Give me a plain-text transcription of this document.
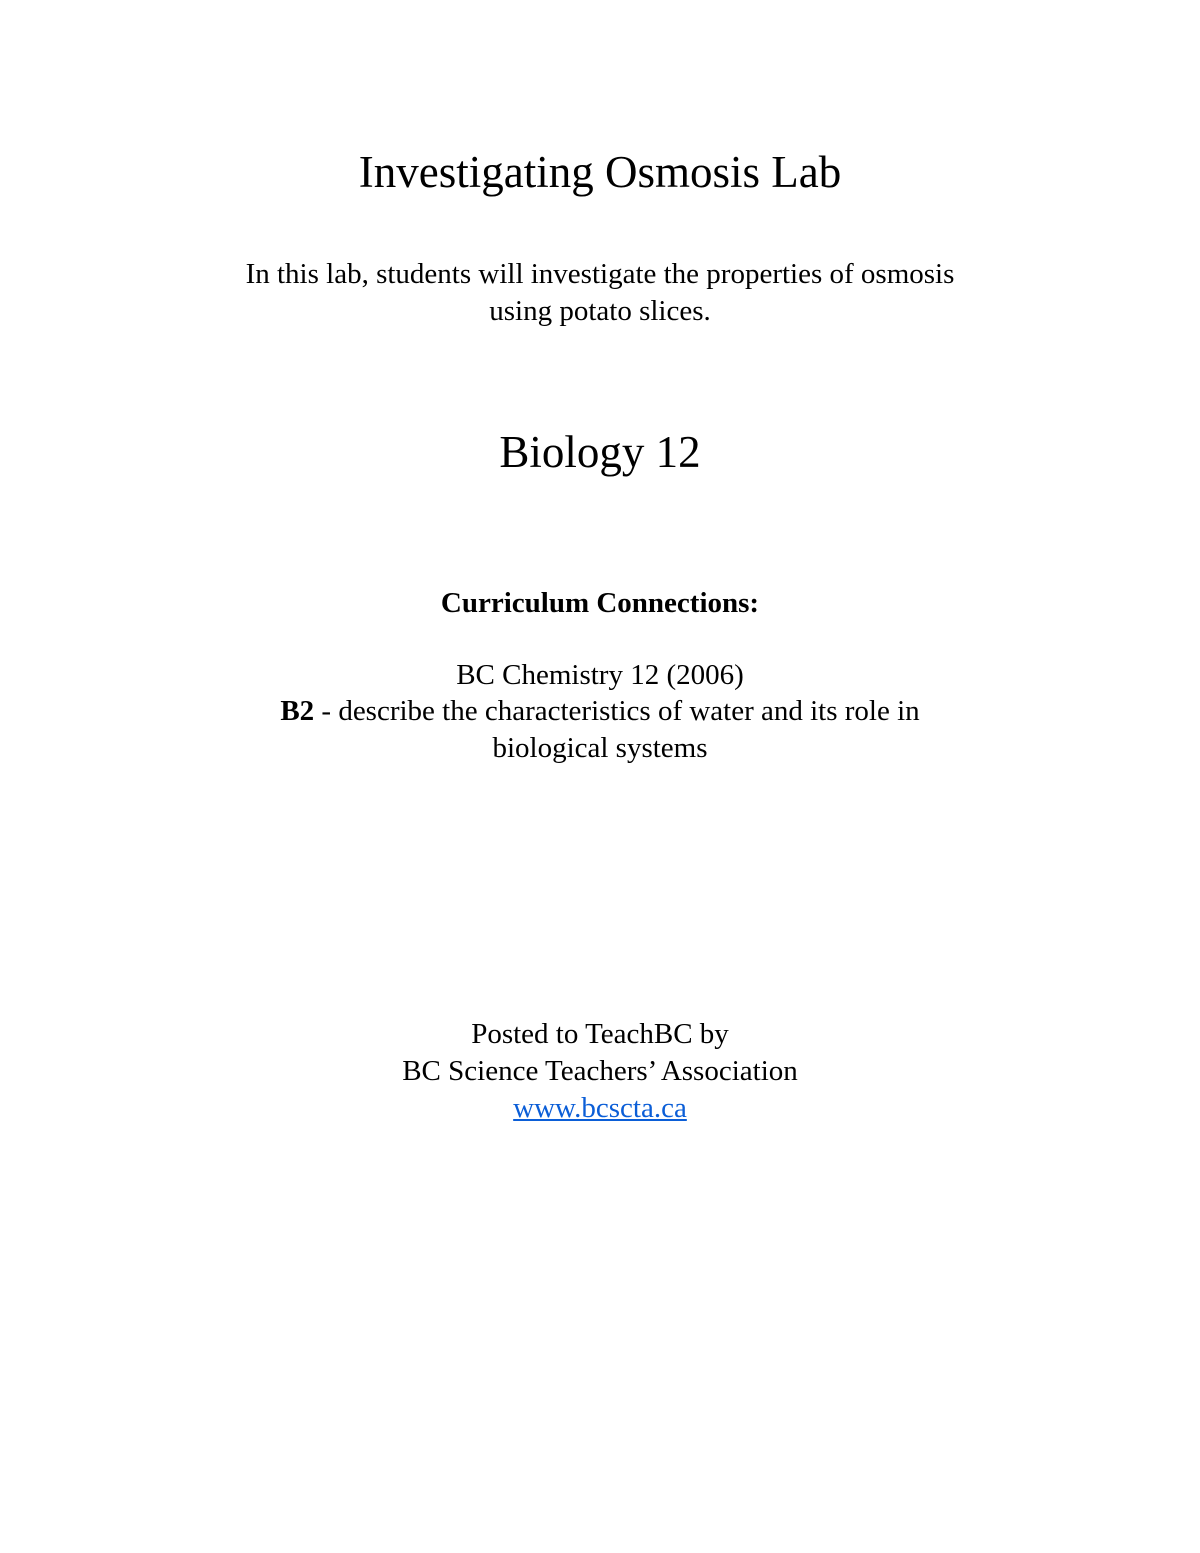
Investigating Osmosis Lab

In this lab, students will investigate the properties of osmosis

using potato slices.

Biology 12

Curriculum Connections:

BC Chemistry 12 (2006)

B2 - describe the characteristics of water and its role in

biological systems

Posted to TeachBC by

BC Science Teachers’ Association

www.bcscta.ca
